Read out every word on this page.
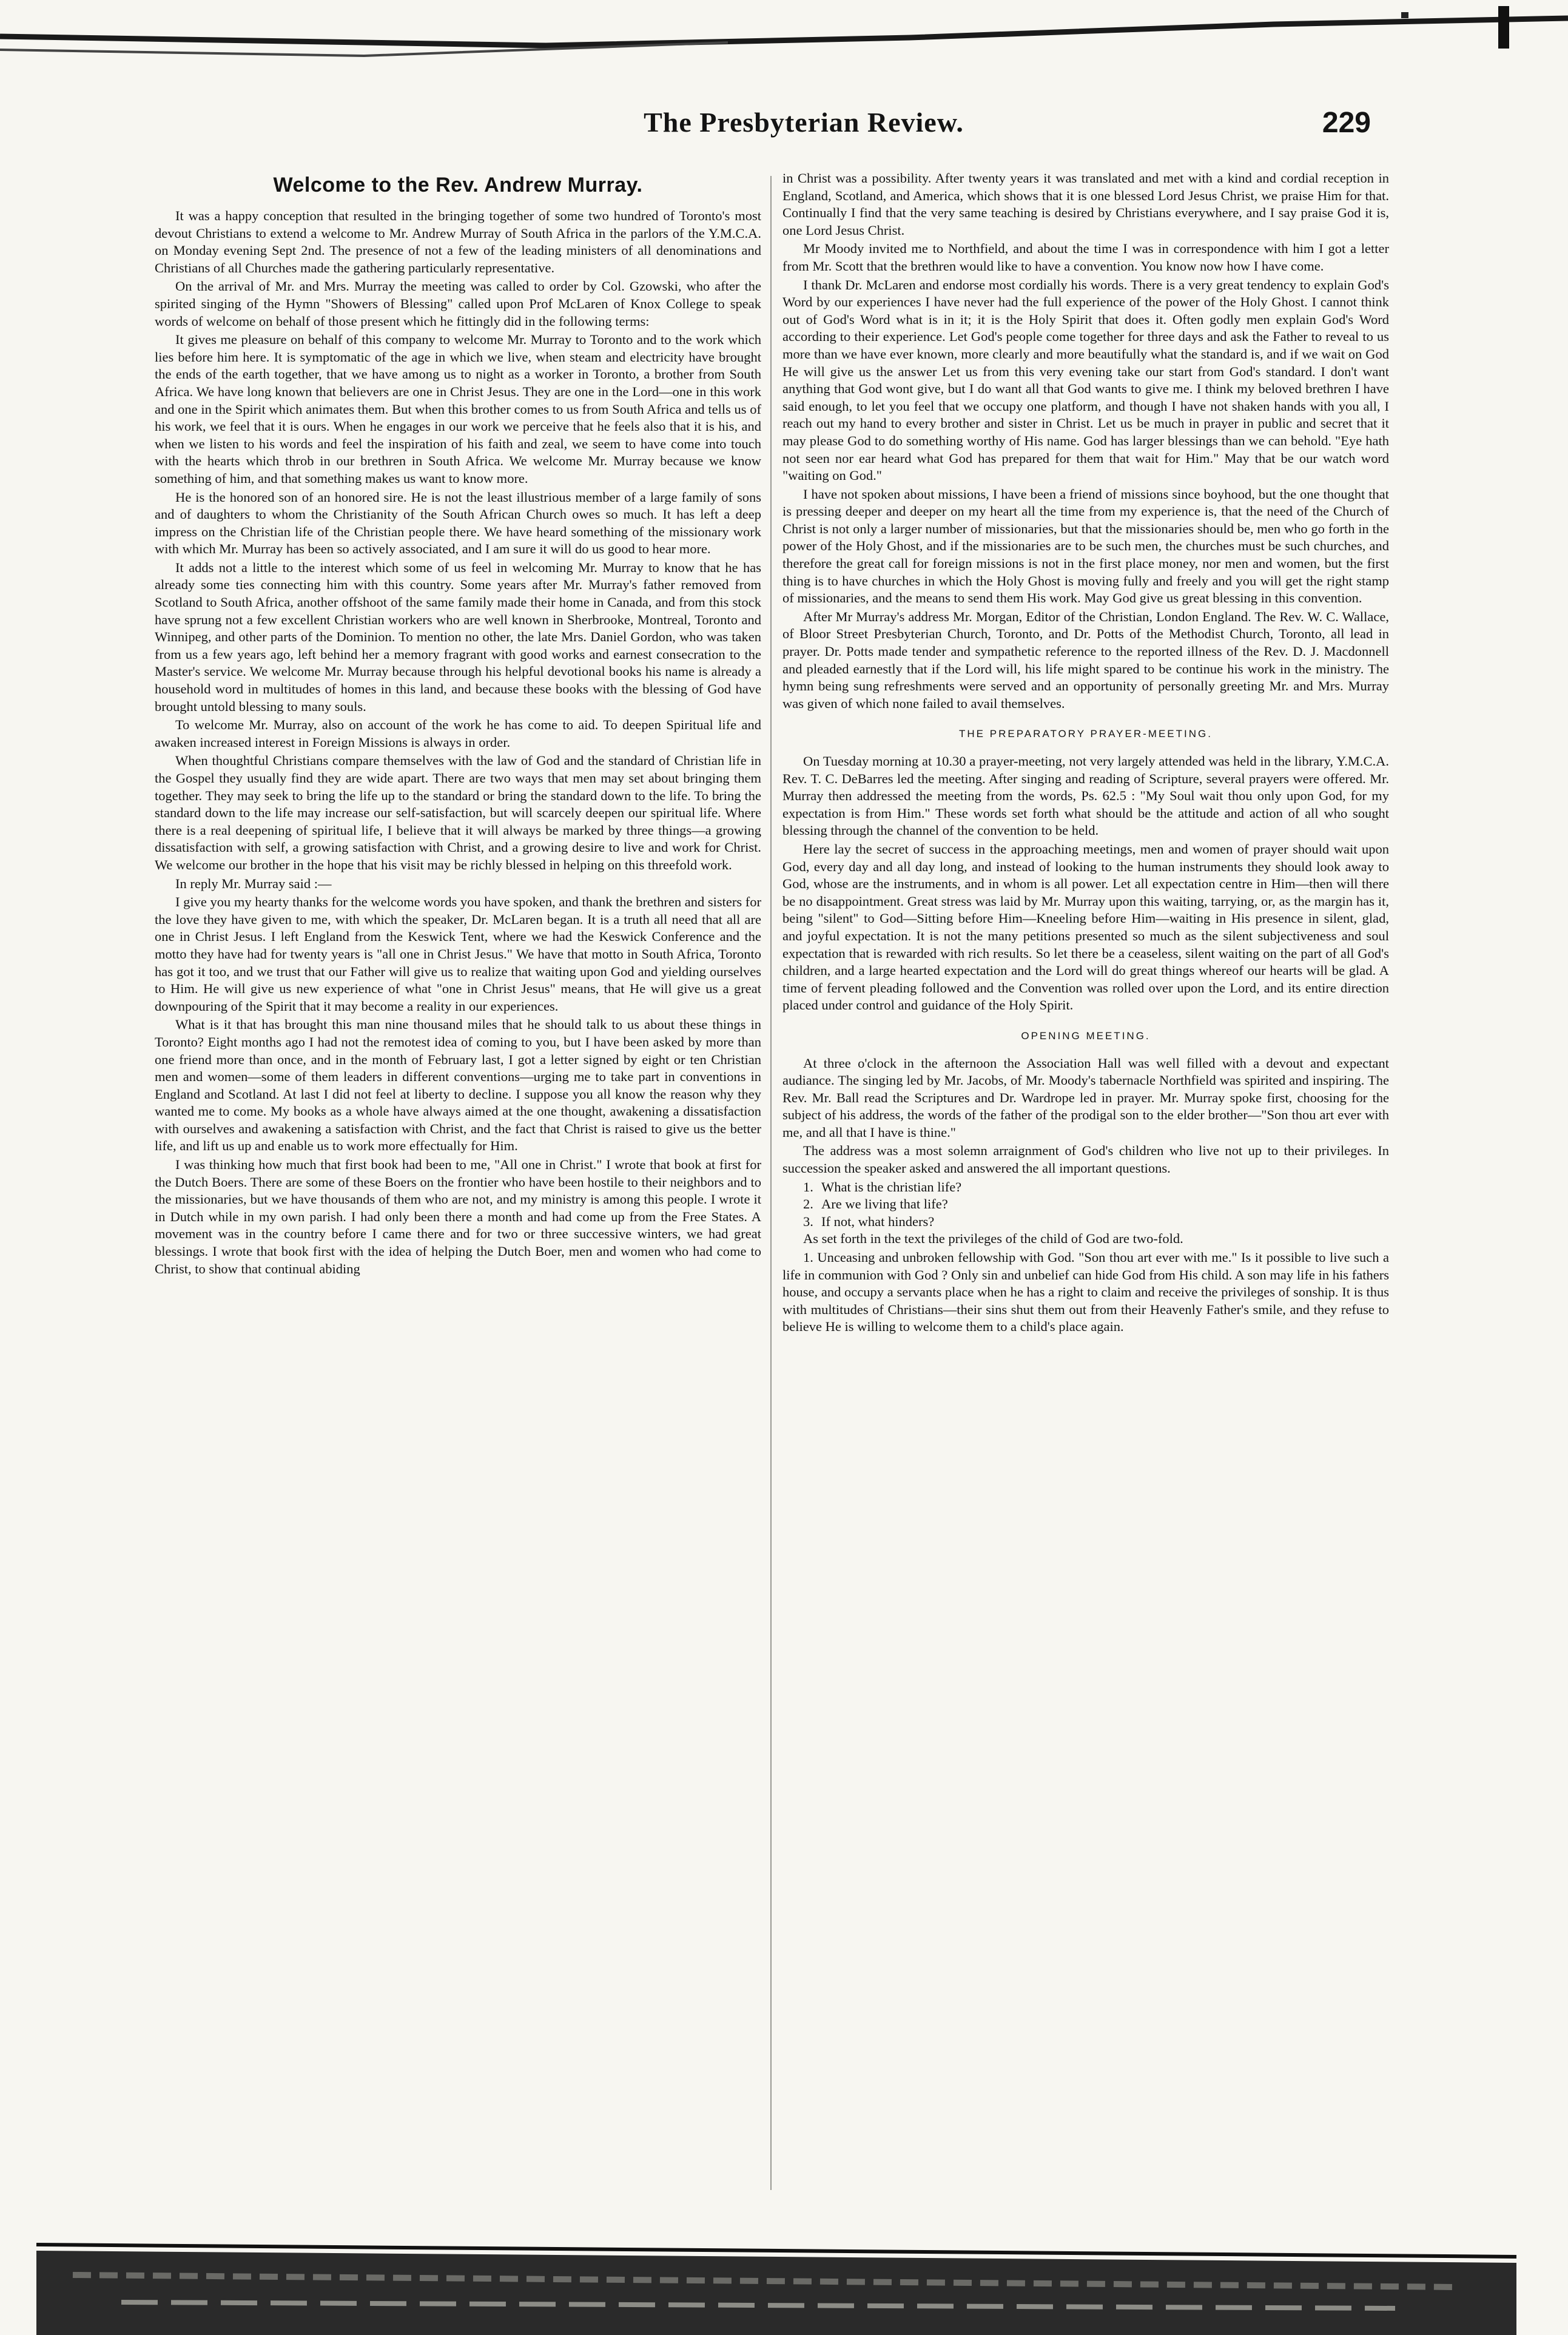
The Presbyterian Review.	229
Welcome to the Rev. Andrew Murray.

It was a happy conception that resulted in the bringing together of some two hundred of Toronto's most devout Christians to extend a welcome to Mr. Andrew Murray of South Africa in the parlors of the Y.M.C.A. on Monday evening Sept 2nd. The presence of not a few of the leading ministers of all denominations and Christians of all Churches made the gathering particularly representative.

On the arrival of Mr. and Mrs. Murray the meeting was called to order by Col. Gzowski, who after the spirited singing of the Hymn "Showers of Blessing" called upon Prof McLaren of Knox College to speak words of welcome on behalf of those present which he fittingly did in the following terms:

It gives me pleasure on behalf of this company to welcome Mr. Murray to Toronto and to the work which lies before him here. It is symptomatic of the age in which we live, when steam and electricity have brought the ends of the earth together, that we have among us to night as a worker in Toronto, a brother from South Africa. We have long known that believers are one in Christ Jesus. They are one in the Lord—one in this work and one in the Spirit which animates them. But when this brother comes to us from South Africa and tells us of his work, we feel that it is ours. When he engages in our work we perceive that he feels also that it is his, and when we listen to his words and feel the inspiration of his faith and zeal, we seem to have come into touch with the hearts which throb in our brethren in South Africa. We welcome Mr. Murray because we know something of him, and that something makes us want to know more.

He is the honored son of an honored sire. He is not the least illustrious member of a large family of sons and of daughters to whom the Christianity of the South African Church owes so much. It has left a deep impress on the Christian life of the Christian people there. We have heard something of the missionary work with which Mr. Murray has been so actively associated, and I am sure it will do us good to hear more.

It adds not a little to the interest which some of us feel in welcoming Mr. Murray to know that he has already some ties connecting him with this country. Some years after Mr. Murray's father removed from Scotland to South Africa, another offshoot of the same family made their home in Canada, and from this stock have sprung not a few excellent Christian workers who are well known in Sherbrooke, Montreal, Toronto and Winnipeg, and other parts of the Dominion. To mention no other, the late Mrs. Daniel Gordon, who was taken from us a few years ago, left behind her a memory fragrant with good works and earnest consecration to the Master's service. We welcome Mr. Murray because through his helpful devotional books his name is already a household word in multitudes of homes in this land, and because these books with the blessing of God have brought untold blessing to many souls.

To welcome Mr. Murray, also on account of the work he has come to aid. To deepen Spiritual life and awaken increased interest in Foreign Missions is always in order.

When thoughtful Christians compare themselves with the law of God and the standard of Christian life in the Gospel they usually find they are wide apart. There are two ways that men may set about bringing them together. They may seek to bring the life up to the standard or bring the standard down to the life. To bring the standard down to the life may increase our self-satisfaction, but will scarcely deepen our spiritual life. Where there is a real deepening of spiritual life, I believe that it will always be marked by three things—a growing dissatisfaction with self, a growing satisfaction with Christ, and a growing desire to live and work for Christ. We welcome our brother in the hope that his visit may be richly blessed in helping on this threefold work.

In reply Mr. Murray said :—

I give you my hearty thanks for the welcome words you have spoken, and thank the brethren and sisters for the love they have given to me, with which the speaker, Dr. McLaren began. It is a truth all need that all are one in Christ Jesus. I left England from the Keswick Tent, where we had the Keswick Conference and the motto they have had for twenty years is "all one in Christ Jesus." We have that motto in South Africa, Toronto has got it too, and we trust that our Father will give us to realize that waiting upon God and yielding ourselves to Him. He will give us new experience of what "one in Christ Jesus" means, that He will give us a great downpouring of the Spirit that it may become a reality in our experiences.

What is it that has brought this man nine thousand miles that he should talk to us about these things in Toronto? Eight months ago I had not the remotest idea of coming to you, but I have been asked by more than one friend more than once, and in the month of February last, I got a letter signed by eight or ten Christian men and women—some of them leaders in different conventions—urging me to take part in conventions in England and Scotland. At last I did not feel at liberty to decline. I suppose you all know the reason why they wanted me to come. My books as a whole have always aimed at the one thought, awakening a dissatisfaction with ourselves and awakening a satisfaction with Christ, and the fact that Christ is raised to give us the better life, and lift us up and enable us to work more effectually for Him.

I was thinking how much that first book had been to me, "All one in Christ." I wrote that book at first for the Dutch Boers. There are some of these Boers on the frontier who have been hostile to their neighbors and to the missionaries, but we have thousands of them who are not, and my ministry is among this people. I wrote it in Dutch while in my own parish. I had only been there a month and had come up from the Free States. A movement was in the country before I came there and for two or three successive winters, we had great blessings. I wrote that book first with the idea of helping the Dutch Boer, men and women who had come to Christ, to show that continual abiding

in Christ was a possibility. After twenty years it was translated and met with a kind and cordial reception in England, Scotland, and America, which shows that it is one blessed Lord Jesus Christ, we praise Him for that. Continually I find that the very same teaching is desired by Christians everywhere, and I say praise God it is, one Lord Jesus Christ.

Mr Moody invited me to Northfield, and about the time I was in correspondence with him I got a letter from Mr. Scott that the brethren would like to have a convention. You know now how I have come.

I thank Dr. McLaren and endorse most cordially his words. There is a very great tendency to explain God's Word by our experiences I have never had the full experience of the power of the Holy Ghost. I cannot think out of God's Word what is in it; it is the Holy Spirit that does it. Often godly men explain God's Word according to their experience. Let God's people come together for three days and ask the Father to reveal to us more than we have ever known, more clearly and more beautifully what the standard is, and if we wait on God He will give us the answer Let us from this very evening take our start from God's standard. I don't want anything that God wont give, but I do want all that God wants to give me. I think my beloved brethren I have said enough, to let you feel that we occupy one platform, and though I have not shaken hands with you all, I reach out my hand to every brother and sister in Christ. Let us be much in prayer in public and secret that it may please God to do something worthy of His name. God has larger blessings than we can behold. "Eye hath not seen nor ear heard what God has prepared for them that wait for Him." May that be our watch word "waiting on God."

I have not spoken about missions, I have been a friend of missions since boyhood, but the one thought that is pressing deeper and deeper on my heart all the time from my experience is, that the need of the Church of Christ is not only a larger number of missionaries, but that the missionaries should be, men who go forth in the power of the Holy Ghost, and if the missionaries are to be such men, the churches must be such churches, and therefore the great call for foreign missions is not in the first place money, nor men and women, but the first thing is to have churches in which the Holy Ghost is moving fully and freely and you will get the right stamp of missionaries, and the means to send them His work. May God give us great blessing in this convention.

After Mr Murray's address Mr. Morgan, Editor of the Christian, London England. The Rev. W. C. Wallace, of Bloor Street Presbyterian Church, Toronto, and Dr. Potts of the Methodist Church, Toronto, all lead in prayer. Dr. Potts made tender and sympathetic reference to the reported illness of the Rev. D. J. Macdonnell and pleaded earnestly that if the Lord will, his life might spared to be continue his work in the ministry. The hymn being sung refreshments were served and an opportunity of personally greeting Mr. and Mrs. Murray was given of which none failed to avail themselves.

THE PREPARATORY PRAYER-MEETING.

On Tuesday morning at 10.30 a prayer-meeting, not very largely attended was held in the library, Y.M.C.A. Rev. T. C. DeBarres led the meeting. After singing and reading of Scripture, several prayers were offered. Mr. Murray then addressed the meeting from the words, Ps. 62.5 : "My Soul wait thou only upon God, for my expectation is from Him." These words set forth what should be the attitude and action of all who sought blessing through the channel of the convention to be held.

Here lay the secret of success in the approaching meetings, men and women of prayer should wait upon God, every day and all day long, and instead of looking to the human instruments they should look away to God, whose are the instruments, and in whom is all power. Let all expectation centre in Him—then will there be no disappointment. Great stress was laid by Mr. Murray upon this waiting, tarrying, or, as the margin has it, being "silent" to God—Sitting before Him—Kneeling before Him—waiting in His presence in silent, glad, and joyful expectation. It is not the many petitions presented so much as the silent subjectiveness and soul expectation that is rewarded with rich results. So let there be a ceaseless, silent waiting on the part of all God's children, and a large hearted expectation and the Lord will do great things whereof our hearts will be glad. A time of fervent pleading followed and the Convention was rolled over upon the Lord, and its entire direction placed under control and guidance of the Holy Spirit.

OPENING MEETING.

At three o'clock in the afternoon the Association Hall was well filled with a devout and expectant audiance. The singing led by Mr. Jacobs, of Mr. Moody's tabernacle Northfield was spirited and inspiring. The Rev. Mr. Ball read the Scriptures and Dr. Wardrope led in prayer. Mr. Murray spoke first, choosing for the subject of his address, the words of the father of the prodigal son to the elder brother—"Son thou art ever with me, and all that I have is thine."

The address was a most solemn arraignment of God's children who live not up to their privileges. In succession the speaker asked and answered the all important questions.

1. What is the christian life?
2. Are we living that life?
3. If not, what hinders?

As set forth in the text the privileges of the child of God are two-fold.

1. Unceasing and unbroken fellowship with God. "Son thou art ever with me." Is it possible to live such a life in communion with God ? Only sin and unbelief can hide God from His child. A son may life in his fathers house, and occupy a servants place when he has a right to claim and receive the privileges of sonship. It is thus with multitudes of Christians—their sins shut them out from their Heavenly Father's smile, and they refuse to believe He is willing to welcome them to a child's place again.
